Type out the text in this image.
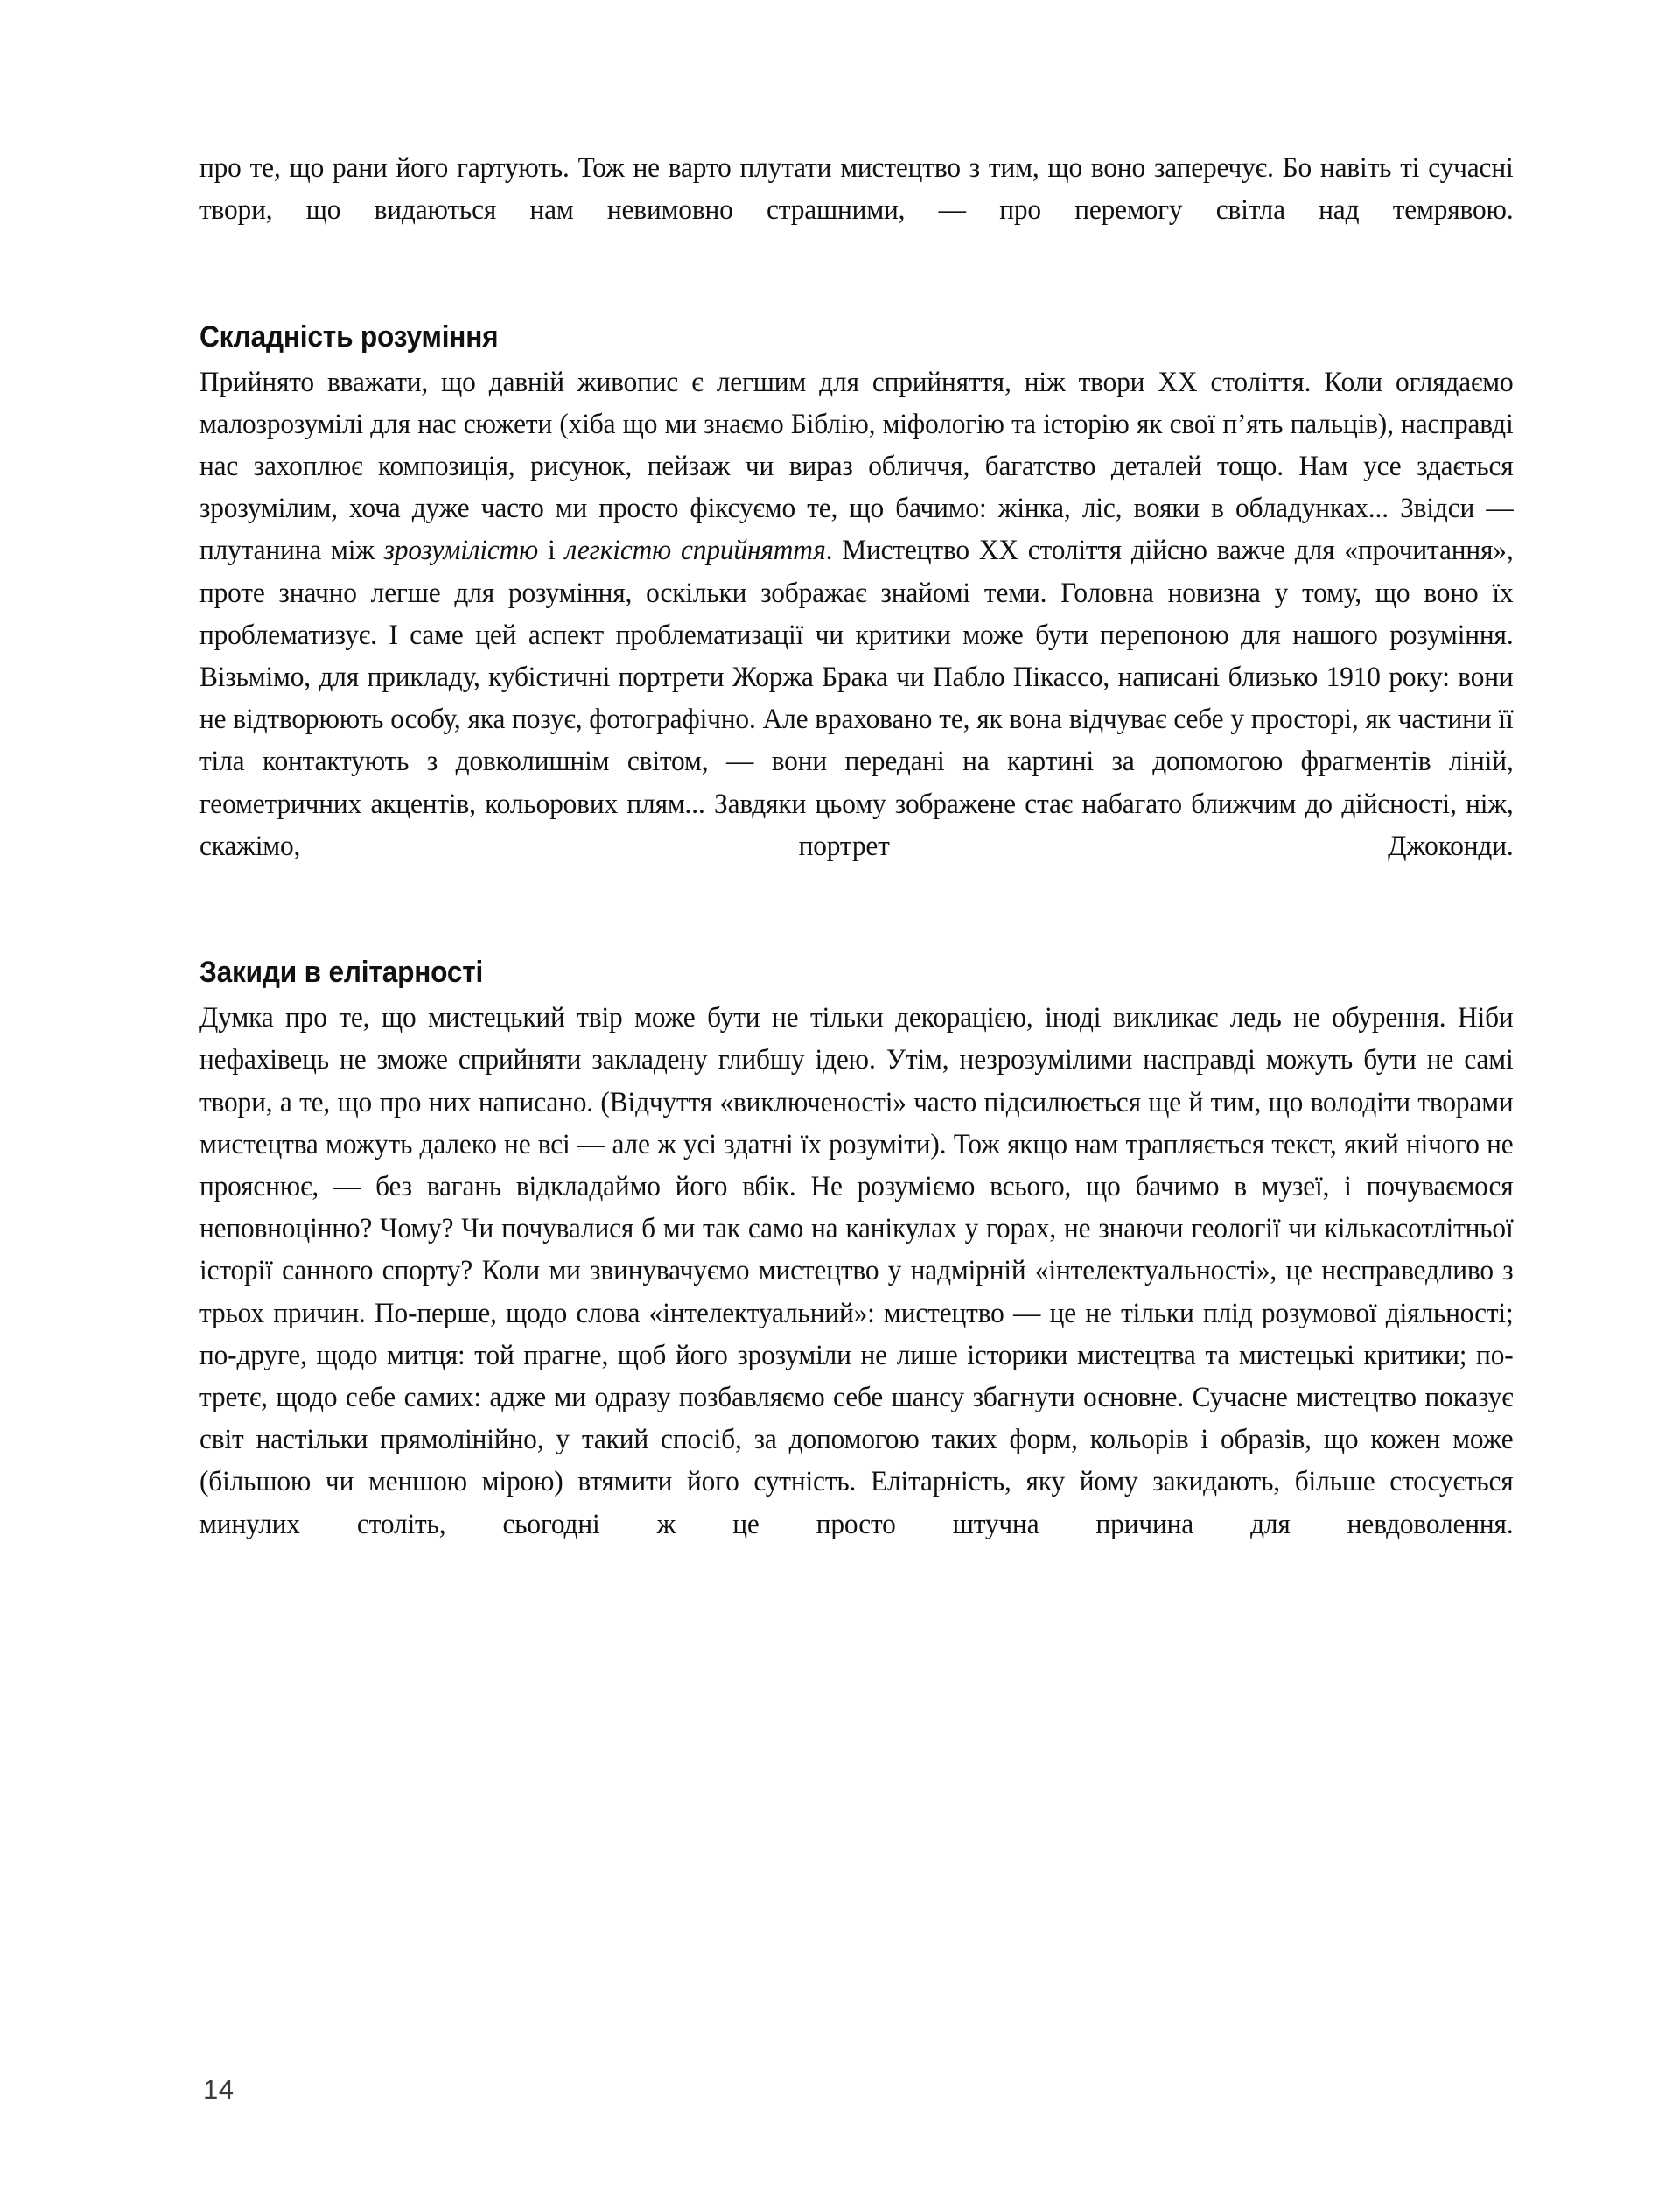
про те, що рани його гартують. Тож не варто плутати мистецтво з тим, що воно заперечує. Бо навіть ті сучасні твори, що видаються нам невимовно страшними, — про перемогу світла над темрявою.

Складність розуміння

Прийнято вважати, що давній живопис є легшим для сприйняття, ніж твори XX століття. Коли оглядаємо малозрозумілі для нас сюжети (хіба що ми знаємо Біблію, міфологію та історію як свої п’ять пальців), насправді нас захоплює композиція, рисунок, пейзаж чи вираз обличчя, багатство деталей тощо. Нам усе здається зрозумілим, хоча дуже часто ми просто фіксуємо те, що бачимо: жінка, ліс, вояки в обладунках... Звідси — плутанина між зрозумілістю і легкістю сприйняття. Мистецтво XX століття дійсно важче для «прочитання», проте значно легше для розуміння, оскільки зображає знайомі теми. Головна новизна у тому, що воно їх проблематизує. І саме цей аспект проблематизації чи критики може бути перепоною для нашого розуміння. Візьмімо, для прикладу, кубістичні портрети Жоржа Брака чи Пабло Пікассо, написані близько 1910 року: вони не відтворюють особу, яка позує, фотографічно. Але враховано те, як вона відчуває себе у просторі, як частини її тіла контактують з довколишнім світом, — вони передані на картині за допомогою фрагментів ліній, геометричних акцентів, кольорових плям... Завдяки цьому зображене стає набагато ближчим до дійсності, ніж, скажімо, портрет Джоконди.

Закиди в елітарності

Думка про те, що мистецький твір може бути не тільки декорацією, іноді викликає ледь не обурення. Ніби нефахівець не зможе сприйняти закладену глибшу ідею. Утім, незрозумілими насправді можуть бути не самі твори, а те, що про них написано. (Відчуття «виключеності» часто підсилюється ще й тим, що володіти творами мистецтва можуть далеко не всі — але ж усі здатні їх розуміти). Тож якщо нам трапляється текст, який нічого не прояснює, — без вагань відкладаймо його вбік. Не розуміємо всього, що бачимо в музеї, і почуваємося неповноцінно? Чому? Чи почувалися б ми так само на канікулах у горах, не знаючи геології чи кількасотлітньої історії санного спорту? Коли ми звинувачуємо мистецтво у надмірній «інтелектуальності», це несправедливо з трьох причин. По-перше, щодо слова «інтелектуальний»: мистецтво — це не тільки плід розумової діяльності; по-друге, щодо митця: той прагне, щоб його зрозуміли не лише історики мистецтва та мистецькі критики; по-третє, щодо себе самих: адже ми одразу позбавляємо себе шансу збагнути основне. Сучасне мистецтво показує світ настільки прямолінійно, у такий спосіб, за допомогою таких форм, кольорів і образів, що кожен може (більшою чи меншою мірою) втямити його сутність. Елітарність, яку йому закидають, більше стосується минулих століть, сьогодні ж це просто штучна причина для невдоволення.

14
